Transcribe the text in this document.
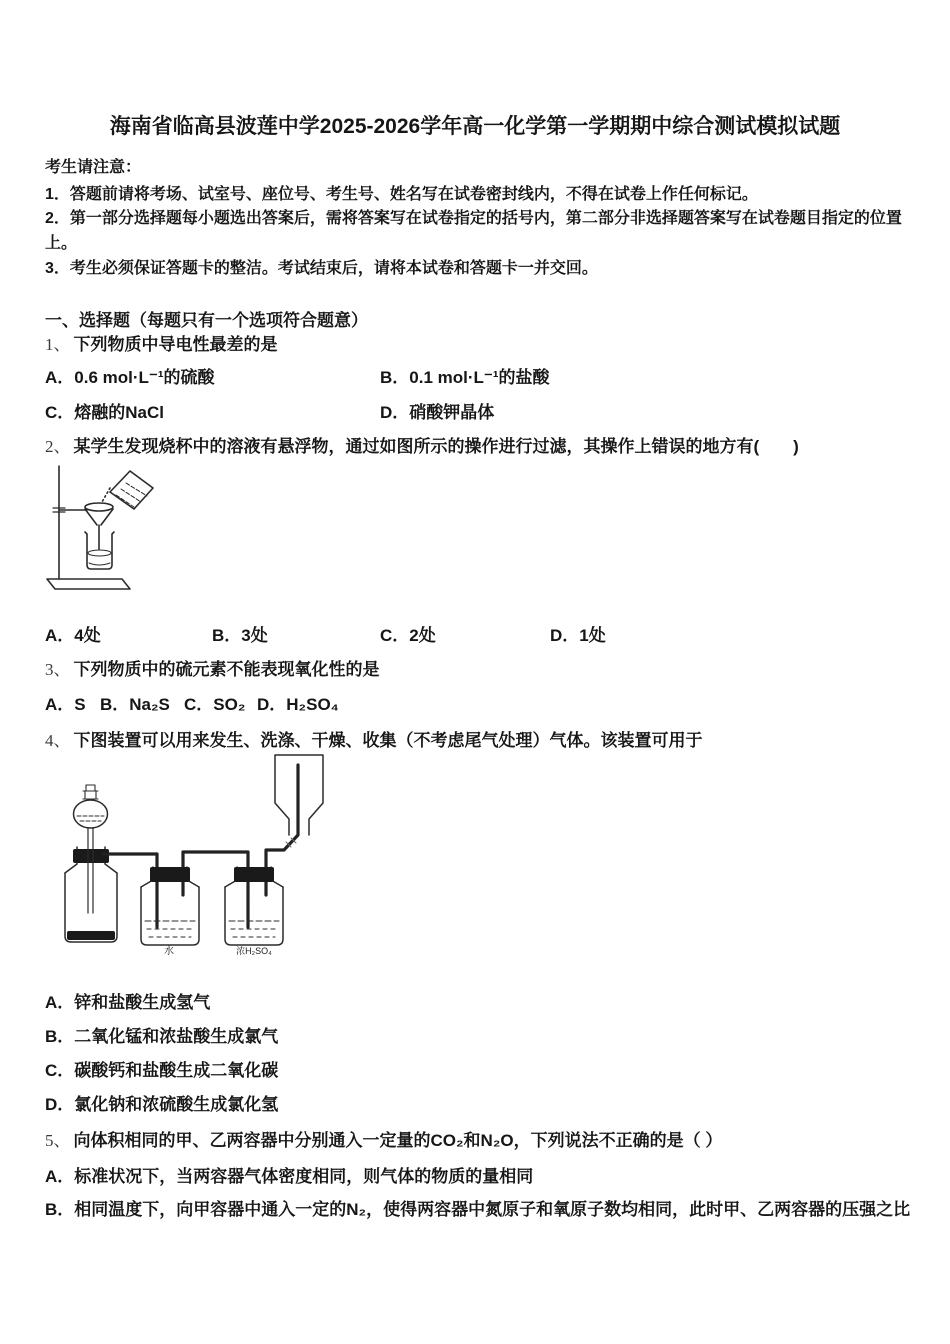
海南省临高县波莲中学2025-2026学年高一化学第一学期期中综合测试模拟试题

考生请注意：

1．答题前请将考场、试室号、座位号、考生号、姓名写在试卷密封线内，不得在试卷上作任何标记。

2．第一部分选择题每小题选出答案后，需将答案写在试卷指定的括号内，第二部分非选择题答案写在试卷题目指定的位置上。

3．考生必须保证答题卡的整洁。考试结束后，请将本试卷和答题卡一并交回。

一、选择题（每题只有一个选项符合题意）

1、 下列物质中导电性最差的是

A．0.6 mol·L⁻¹的硫酸	B．0.1 mol·L⁻¹的盐酸

C．熔融的NaCl	D．硝酸钾晶体

2、 某学生发现烧杯中的溶液有悬浮物，通过如图所示的操作进行过滤，其操作上错误的地方有(　　)

A．4处	B．3处	C．2处	D．1处

3、 下列物质中的硫元素不能表现氧化性的是

A．S B．Na₂S C．SO₂ D．H₂SO₄

4、 下图装置可以用来发生、洗涤、干燥、收集（不考虑尾气处理）气体。该装置可用于

水	浓H₂SO₄

A．锌和盐酸生成氢气

B．二氧化锰和浓盐酸生成氯气

C．碳酸钙和盐酸生成二氧化碳

D．氯化钠和浓硫酸生成氯化氢

5、 向体积相同的甲、乙两容器中分别通入一定量的CO₂和N₂O，下列说法不正确的是（ ）

A．标准状况下，当两容器气体密度相同，则气体的物质的量相同

B．相同温度下，向甲容器中通入一定的N₂，使得两容器中氮原子和氧原子数均相同，此时甲、乙两容器的压强之比
